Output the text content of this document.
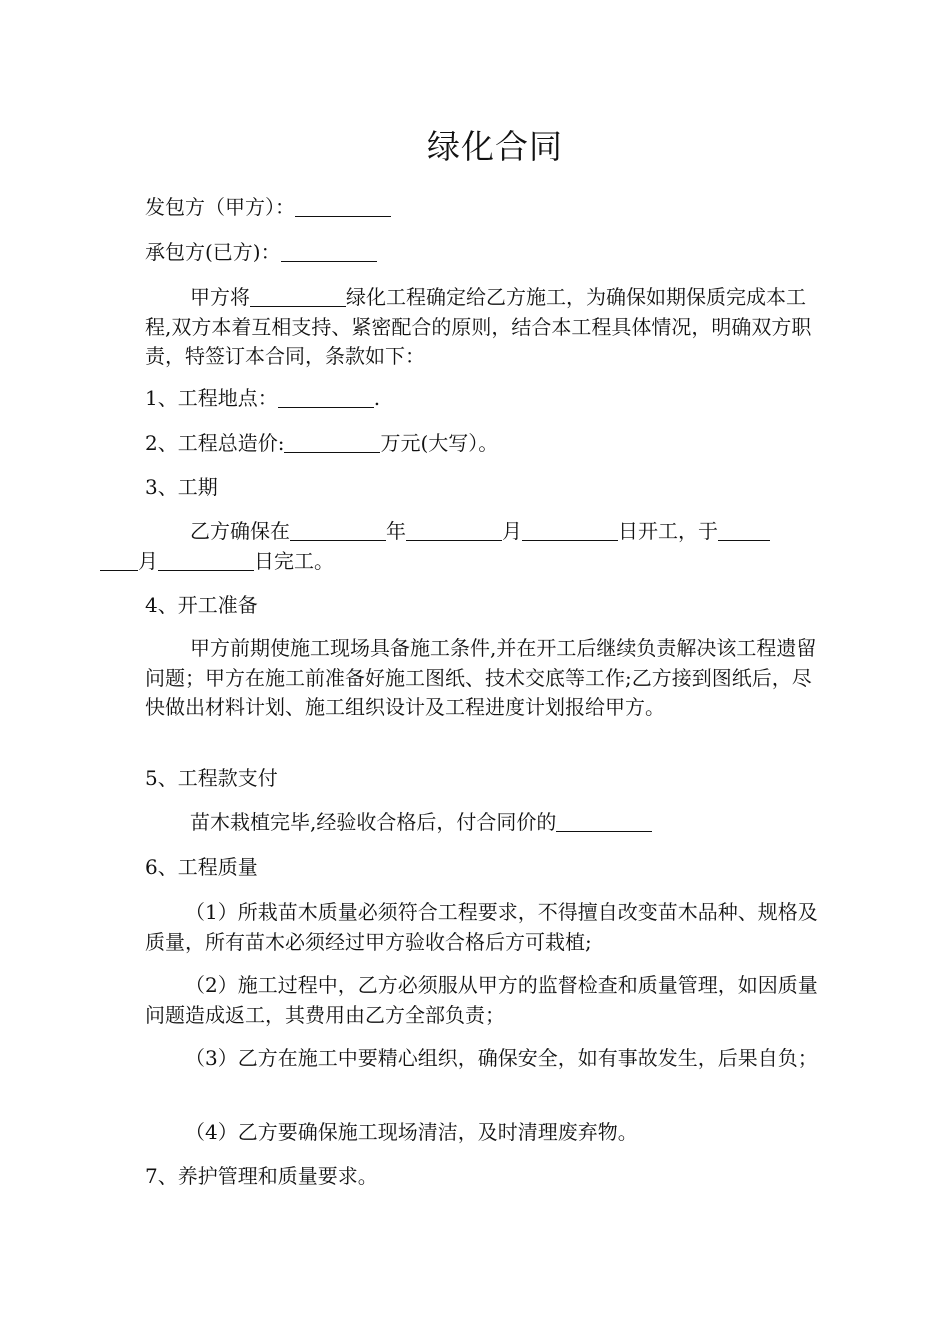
绿化合同

发包方（甲方）：

承包方(已方)：

甲方将	绿化工程确定给乙方施工，为确保如期保质完成本工程,双方本着互相支持、紧密配合的原则，结合本工程具体情况，明确双方职责，特签订本合同，条款如下：

1、工程地点：	.

2、工程总造价:	万元(大写）。

3、工期

乙方确保在	年	月	日开工，于
月	日完工。

4、开工准备

甲方前期使施工现场具备施工条件,并在开工后继续负责解决该工程遗留问题；甲方在施工前准备好施工图纸、技术交底等工作;乙方接到图纸后，尽快做出材料计划、施工组织设计及工程进度计划报给甲方。

5、工程款支付

苗木栽植完毕,经验收合格后，付合同价的

6、工程质量

（1）所栽苗木质量必须符合工程要求，不得擅自改变苗木品种、规格及质量，所有苗木必须经过甲方验收合格后方可栽植;

（2）施工过程中，乙方必须服从甲方的监督检查和质量管理，如因质量问题造成返工，其费用由乙方全部负责；

（3）乙方在施工中要精心组织，确保安全，如有事故发生，后果自负；

（4）乙方要确保施工现场清洁，及时清理废弃物。

7、养护管理和质量要求。
